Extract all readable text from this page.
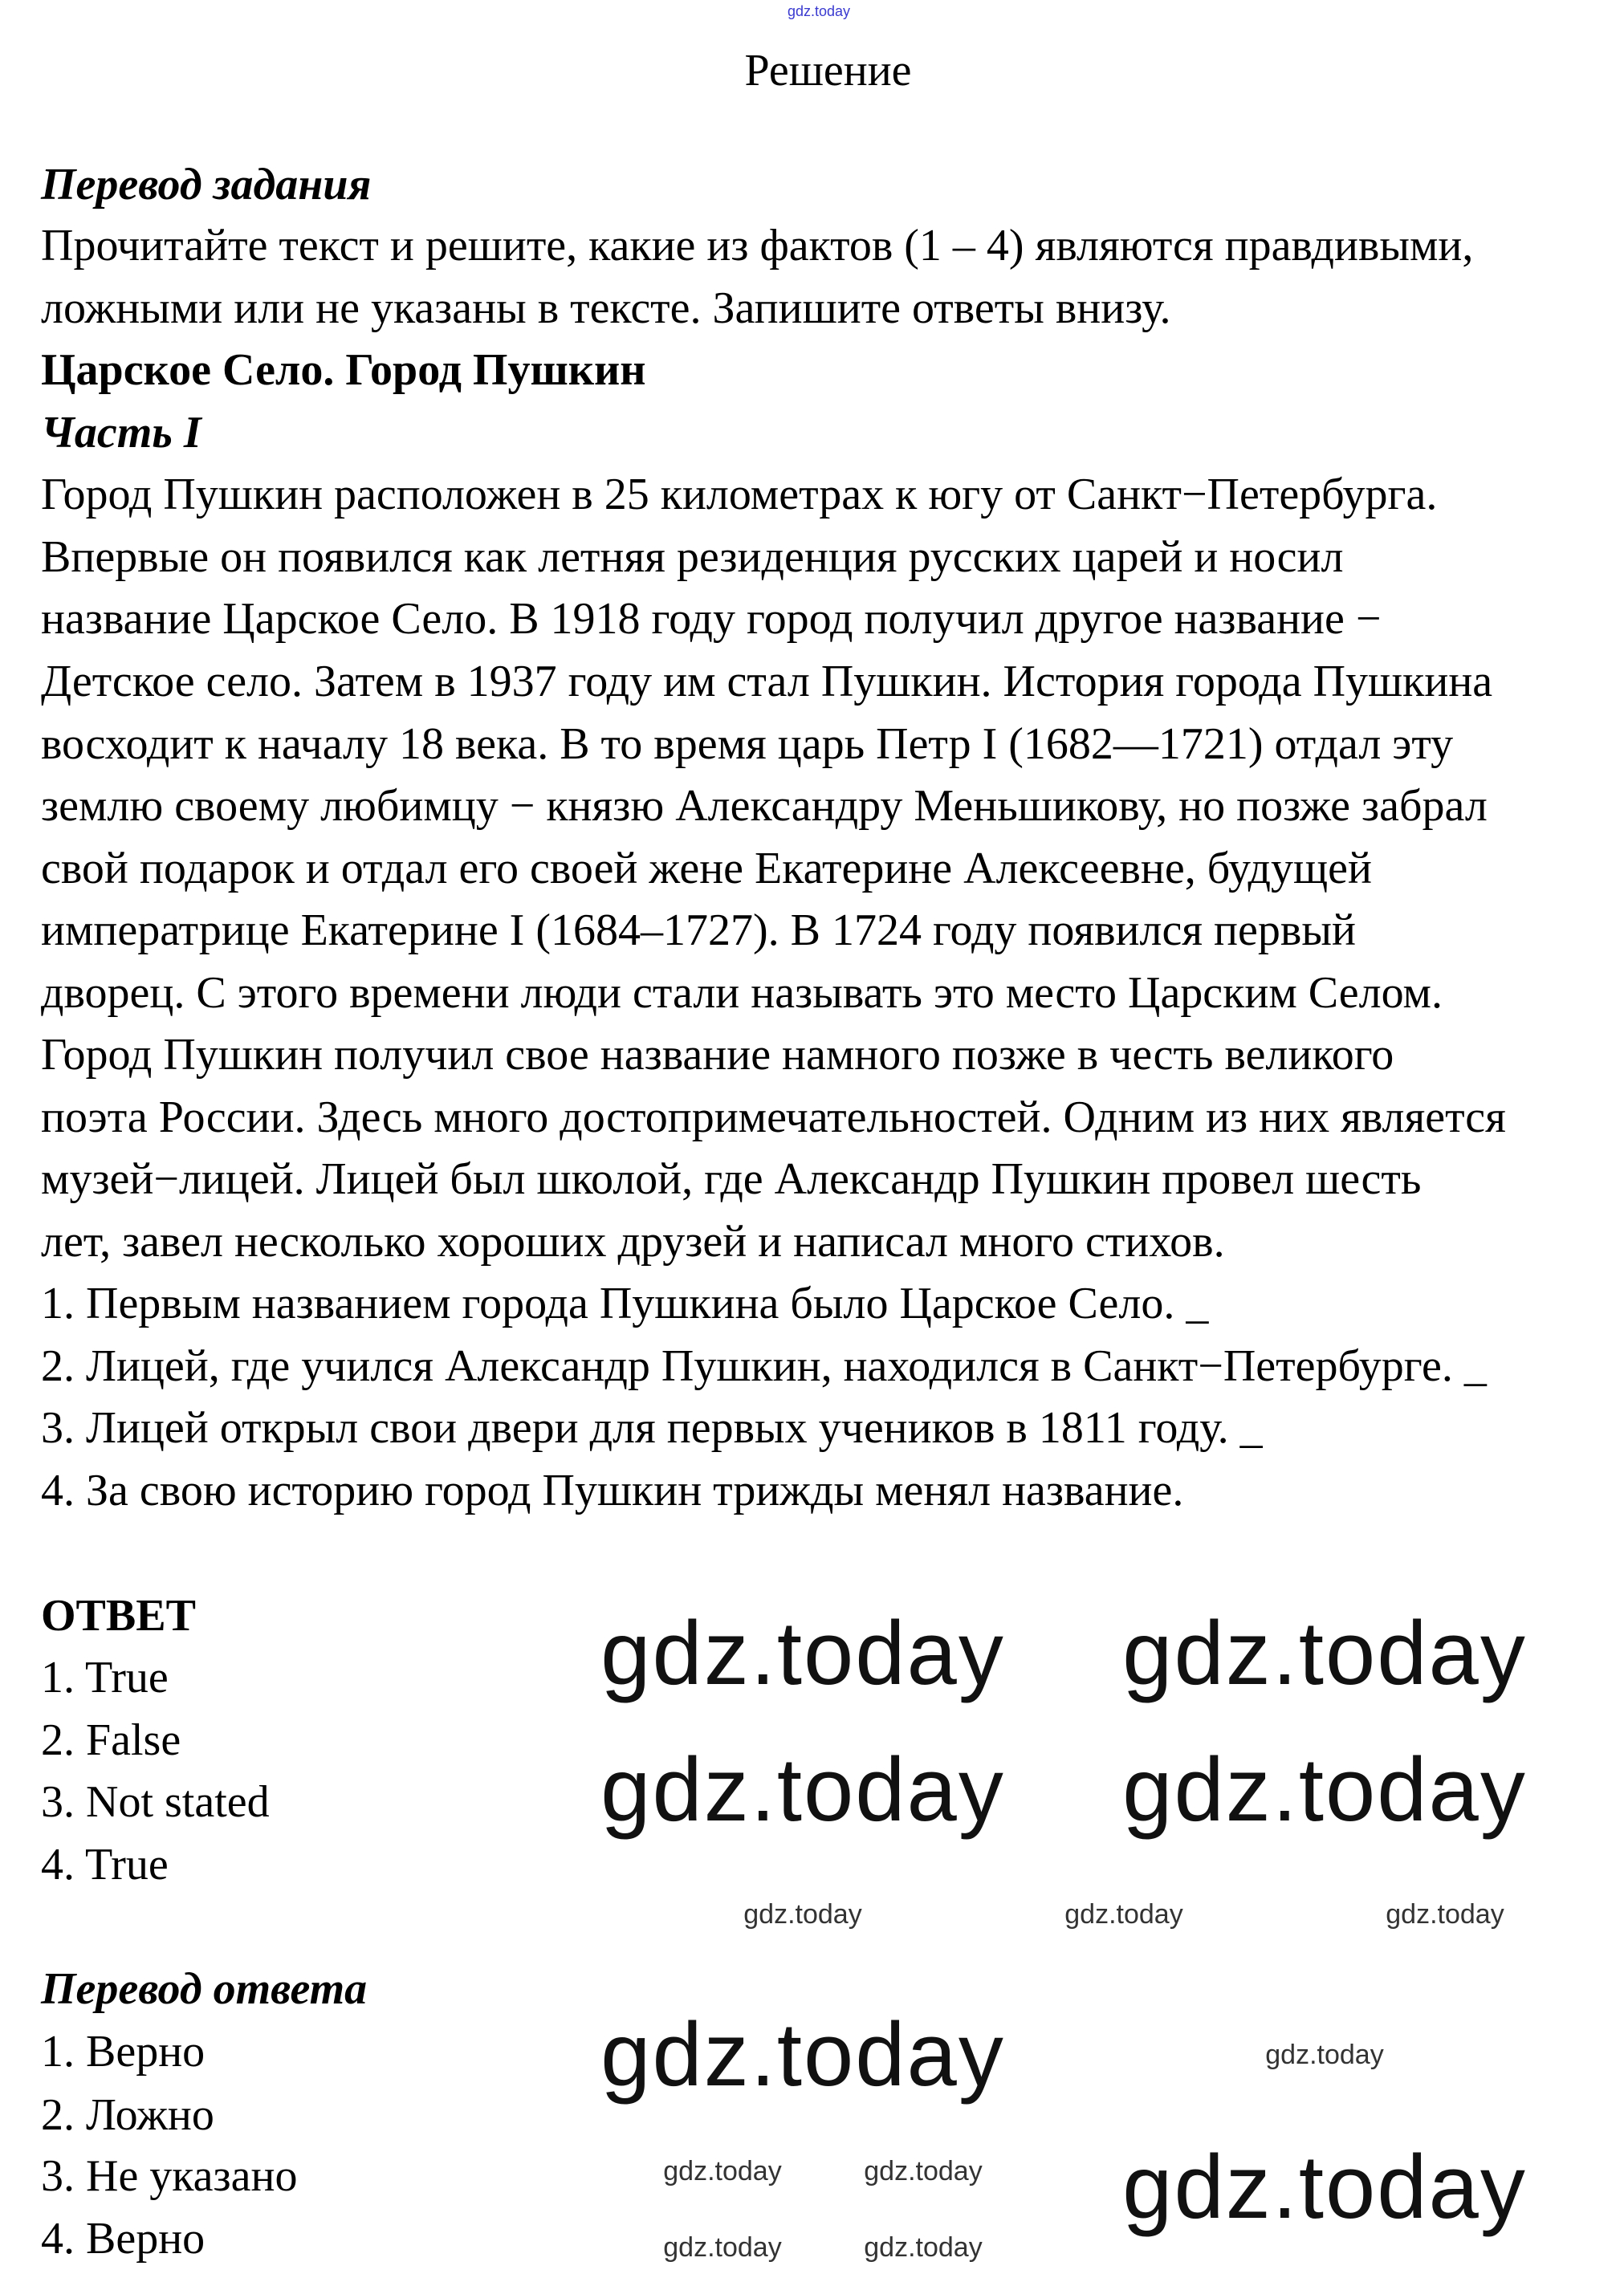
gdz.today
Решение
Перевод задания
Прочитайте текст и решите, какие из фактов (1 – 4) являются правдивыми,
ложными или не указаны в тексте. Запишите ответы внизу.
Царское Село. Город Пушкин
Часть I
Город Пушкин расположен в 25 километрах к югу от Санкт−Петербурга.
Впервые он появился как летняя резиденция русских царей и носил
название Царское Село. В 1918 году город получил другое название −
Детское село. Затем в 1937 году им стал Пушкин. История города Пушкина
восходит к началу 18 века. В то время царь Петр I (1682—1721) отдал эту
землю своему любимцу − князю Александру Меньшикову, но позже забрал
свой подарок и отдал его своей жене Екатерине Алексеевне, будущей
императрице Екатерине I (1684–1727). В 1724 году появился первый
дворец. С этого времени люди стали называть это место Царским Селом.
Город Пушкин получил свое название намного позже в честь великого
поэта России. Здесь много достопримечательностей. Одним из них является
музей−лицей. Лицей был школой, где Александр Пушкин провел шесть
лет, завел несколько хороших друзей и написал много стихов.
1. Первым названием города Пушкина было Царское Село. _
2. Лицей, где учился Александр Пушкин, находился в Санкт−Петербурге. _
3. Лицей открыл свои двери для первых учеников в 1811 году. _
4. За свою историю город Пушкин трижды менял название.
ОТВЕТ
1. True
2. False
3. Not stated
4. True
Перевод ответа
1. Верно
2. Ложно
3. Не указано
4. Верно
gdz.today gdz.today
gdz.today gdz.today
gdz.today
gdz.today
gdz.today	gdz.today	gdz.today
gdz.today
gdz.today	gdz.today
gdz.today	gdz.today
